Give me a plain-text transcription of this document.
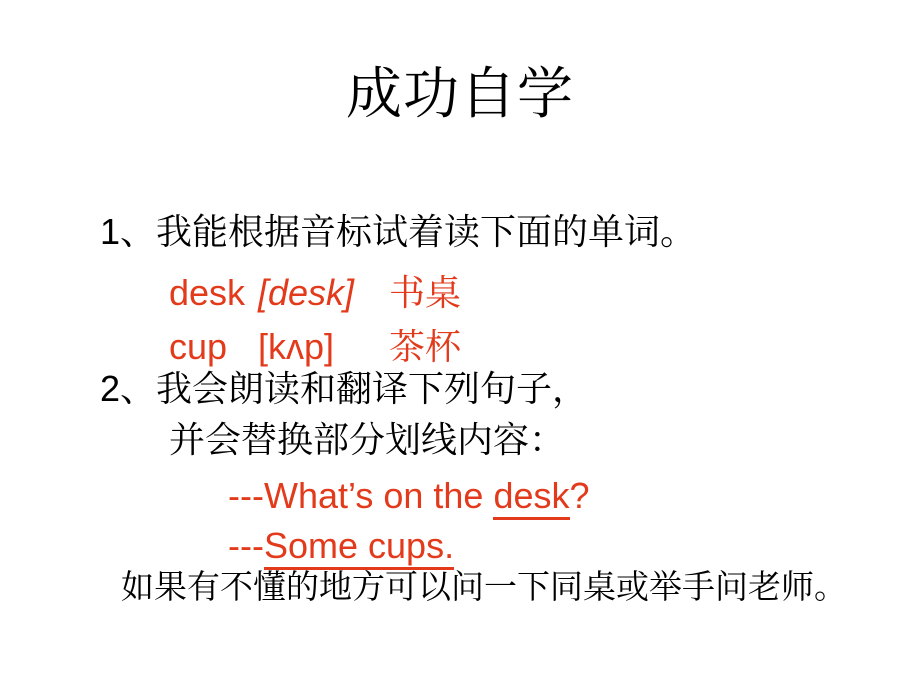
成功自学

1、我能根据音标试着读下面的单词。

desk [desk] 书桌

cup [kʌp] 茶杯

2、我会朗读和翻译下列句子，

并会替换部分划线内容：

---What’s on the desk?

---Some cups.

如果有不懂的地方可以问一下同桌或举手问老师。
